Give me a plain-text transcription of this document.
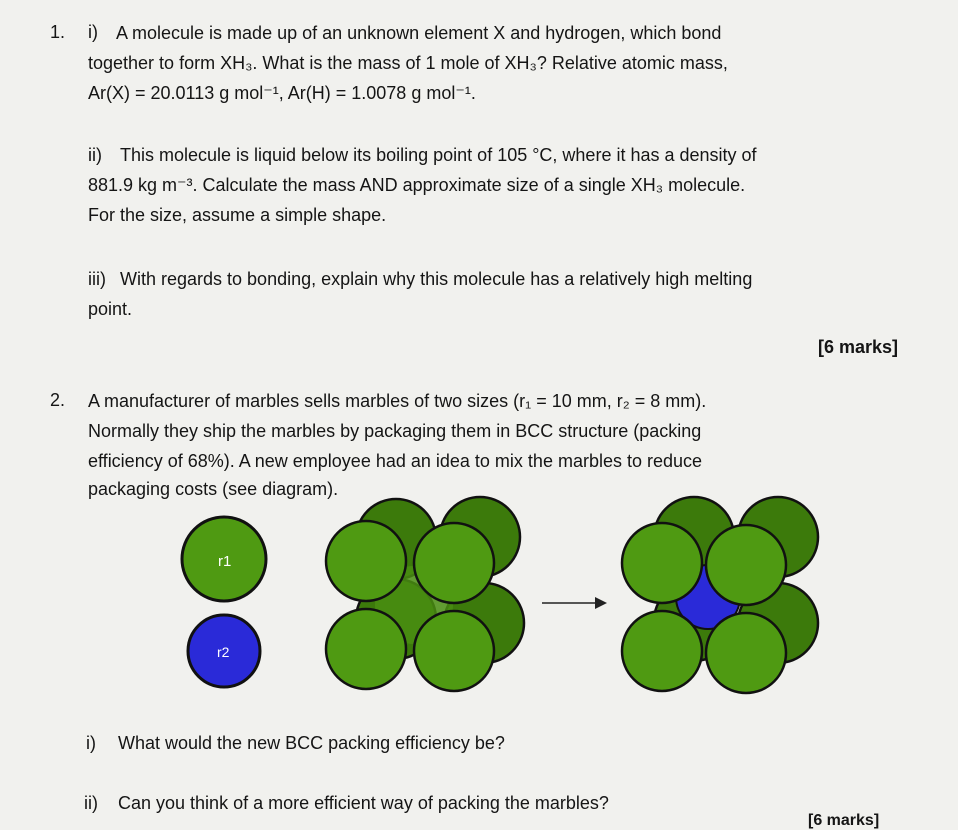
1. i) A molecule is made up of an unknown element X and hydrogen, which bond
together to form XH₃. What is the mass of 1 mole of XH₃? Relative atomic mass,
Ar(X) = 20.0113 g mol⁻¹, Ar(H) = 1.0078 g mol⁻¹.
ii) This molecule is liquid below its boiling point of 105 °C, where it has a density of
881.9 kg m⁻³. Calculate the mass AND approximate size of a single XH₃ molecule.
For the size, assume a simple shape.
iii) With regards to bonding, explain why this molecule has a relatively high melting
point.
[6 marks]
2. A manufacturer of marbles sells marbles of two sizes (r₁ = 10 mm, r₂ = 8 mm).
Normally they ship the marbles by packaging them in BCC structure (packing
efficiency of 68%). A new employee had an idea to mix the marbles to reduce
packaging costs (see diagram).
r1
r2
i) What would the new BCC packing efficiency be?
ii) Can you think of a more efficient way of packing the marbles?
[6 marks]
